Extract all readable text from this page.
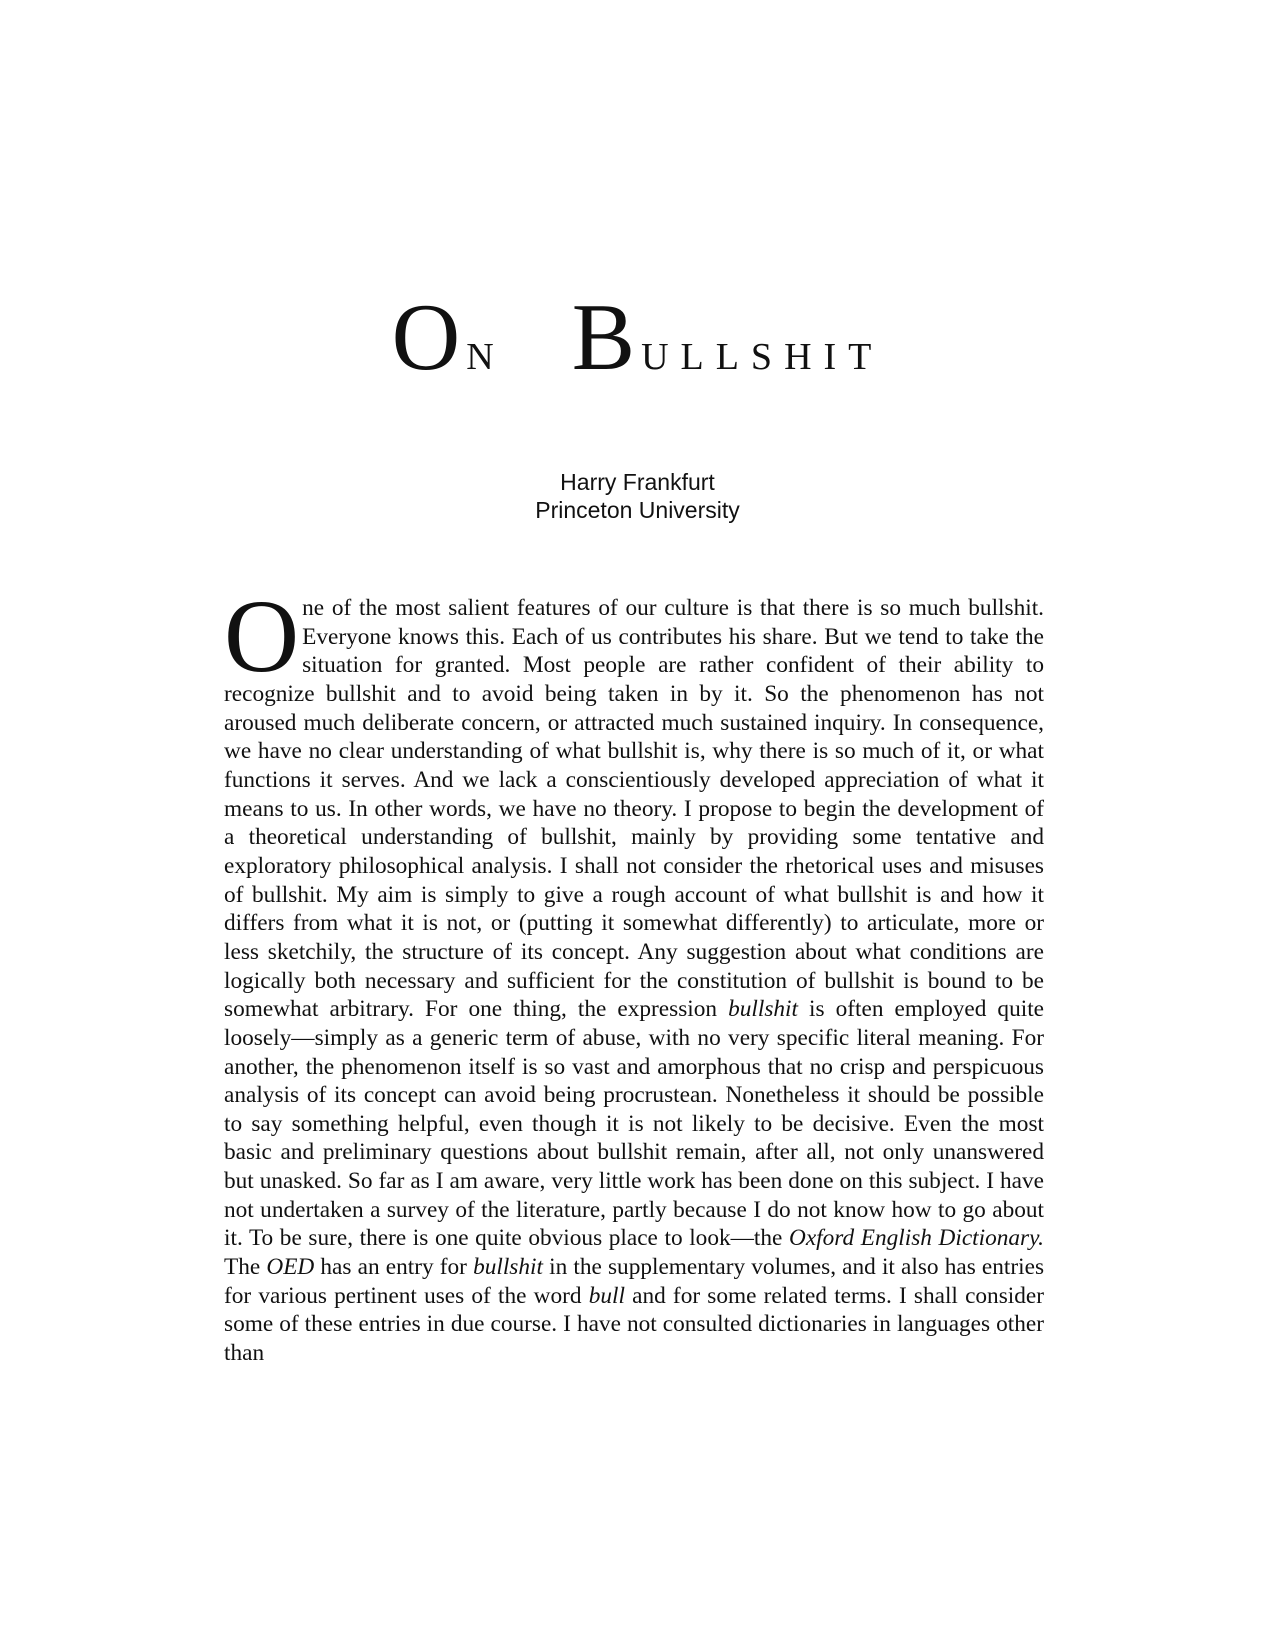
ON BULLSHIT
Harry Frankfurt
Princeton University

One of the most salient features of our culture is that there is so much bullshit. Everyone knows this. Each of us contributes his share. But we tend to take the situation for granted. Most people are rather confident of their ability to recognize bullshit and to avoid being taken in by it. So the phenomenon has not aroused much deliberate concern, or attracted much sustained inquiry. In consequence, we have no clear understanding of what bullshit is, why there is so much of it, or what functions it serves. And we lack a conscientiously developed appreciation of what it means to us. In other words, we have no theory. I propose to begin the development of a theoretical understanding of bullshit, mainly by providing some tentative and exploratory philosophical analysis. I shall not consider the rhetorical uses and misuses of bullshit. My aim is simply to give a rough account of what bullshit is and how it differs from what it is not, or (putting it somewhat differently) to articulate, more or less sketchily, the structure of its concept. Any suggestion about what conditions are logically both necessary and sufficient for the constitution of bullshit is bound to be somewhat arbitrary. For one thing, the expression bullshit is often employed quite loosely—simply as a generic term of abuse, with no very specific literal meaning. For another, the phenomenon itself is so vast and amorphous that no crisp and perspicuous analysis of its concept can avoid being procrustean. Nonetheless it should be possible to say something helpful, even though it is not likely to be decisive. Even the most basic and preliminary questions about bullshit remain, after all, not only unanswered but unasked. So far as I am aware, very little work has been done on this subject. I have not undertaken a survey of the literature, partly because I do not know how to go about it. To be sure, there is one quite obvious place to look—the Oxford English Dictionary. The OED has an entry for bullshit in the supplementary volumes, and it also has entries for various pertinent uses of the word bull and for some related terms. I shall consider some of these entries in due course. I have not consulted dictionaries in languages other than
